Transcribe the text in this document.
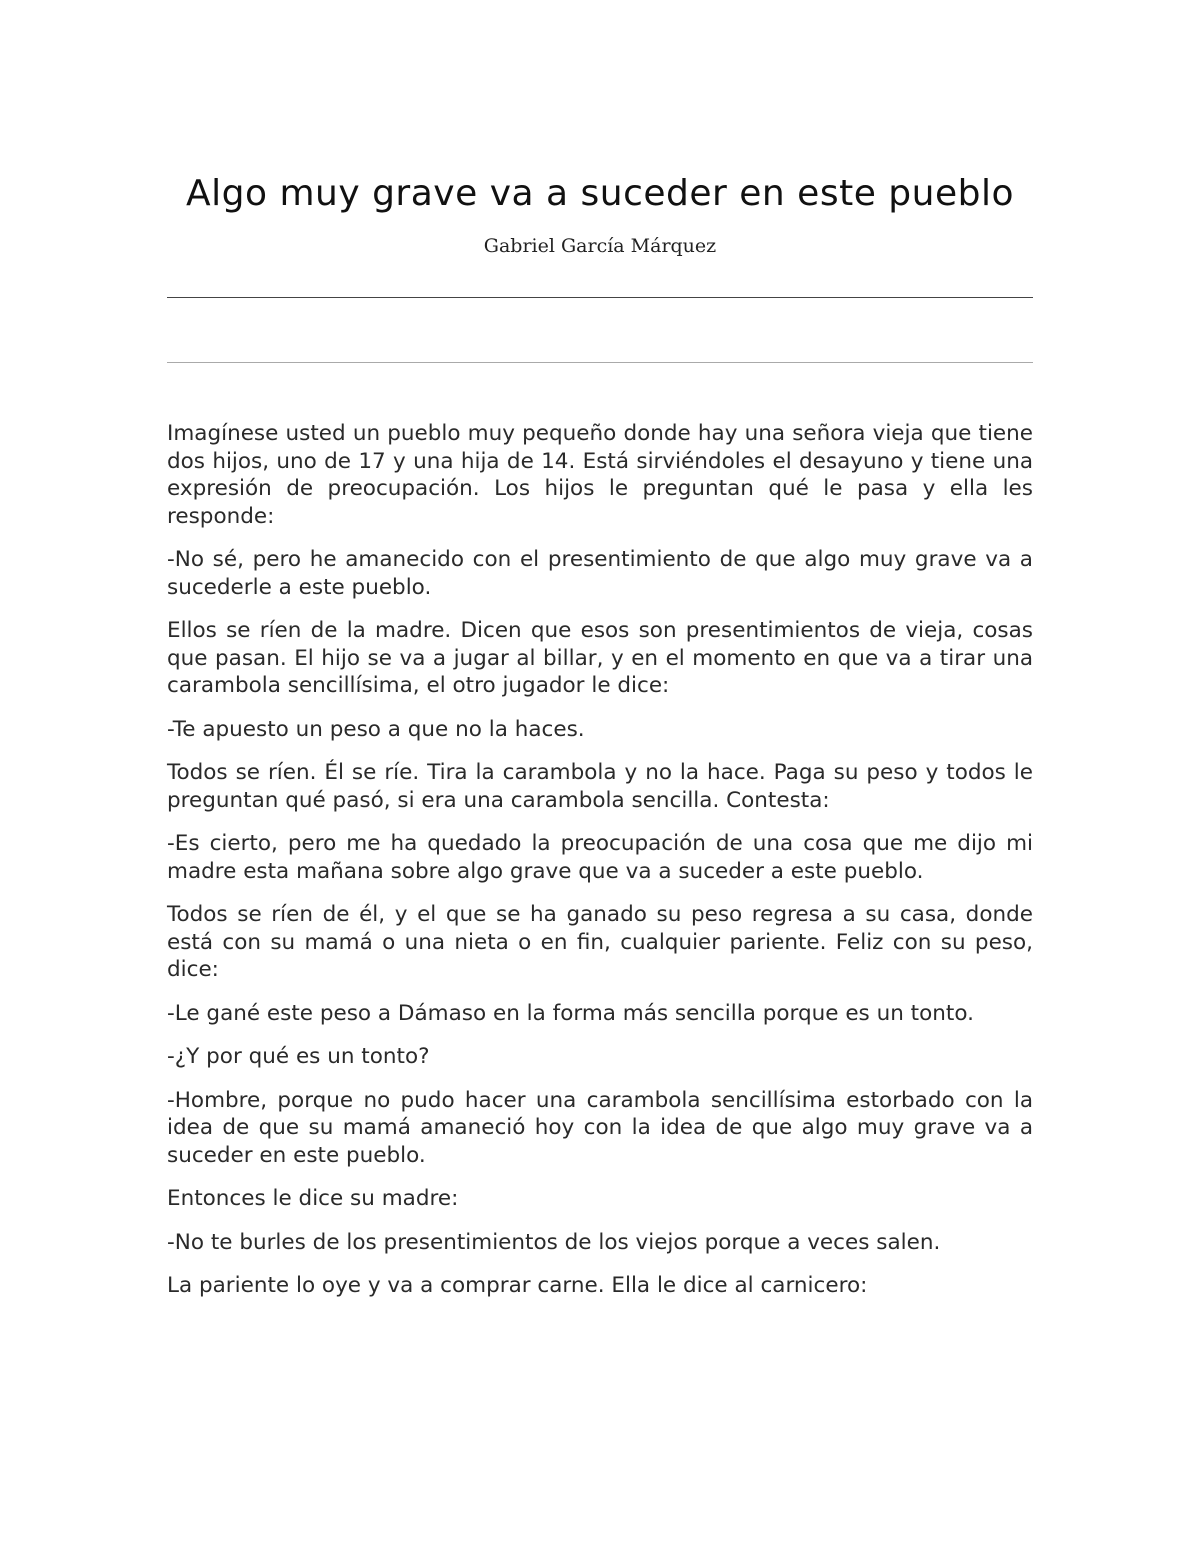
Algo muy grave va a suceder en este pueblo
Gabriel García Márquez

Imagínese usted un pueblo muy pequeño donde hay una señora vieja que tiene dos hijos, uno de 17 y una hija de 14. Está sirviéndoles el desayuno y tiene una expresión de preocupación. Los hijos le preguntan qué le pasa y ella les responde:

-No sé, pero he amanecido con el presentimiento de que algo muy grave va a sucederle a este pueblo.

Ellos se ríen de la madre. Dicen que esos son presentimientos de vieja, cosas que pasan. El hijo se va a jugar al billar, y en el momento en que va a tirar una carambola sencillísima, el otro jugador le dice:

-Te apuesto un peso a que no la haces.

Todos se ríen. Él se ríe. Tira la carambola y no la hace. Paga su peso y todos le preguntan qué pasó, si era una carambola sencilla. Contesta:

-Es cierto, pero me ha quedado la preocupación de una cosa que me dijo mi madre esta mañana sobre algo grave que va a suceder a este pueblo.

Todos se ríen de él, y el que se ha ganado su peso regresa a su casa, donde está con su mamá o una nieta o en fin, cualquier pariente. Feliz con su peso, dice:

-Le gané este peso a Dámaso en la forma más sencilla porque es un tonto.

-¿Y por qué es un tonto?

-Hombre, porque no pudo hacer una carambola sencillísima estorbado con la idea de que su mamá amaneció hoy con la idea de que algo muy grave va a suceder en este pueblo.

Entonces le dice su madre:

-No te burles de los presentimientos de los viejos porque a veces salen.

La pariente lo oye y va a comprar carne. Ella le dice al carnicero:
